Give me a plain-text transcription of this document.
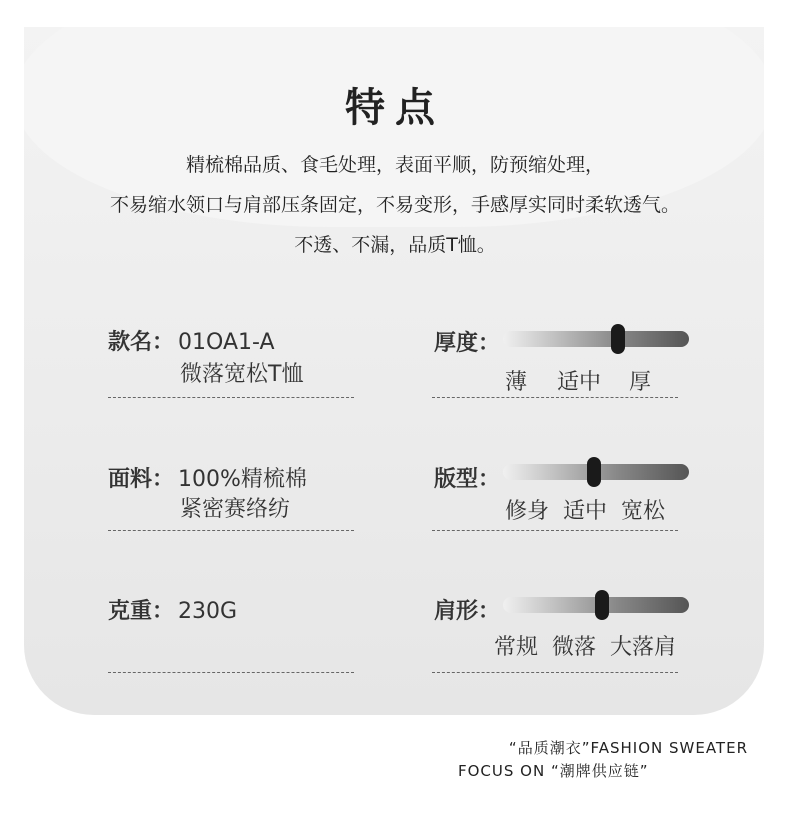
特点
精梳棉品质、食毛处理，表面平顺，防预缩处理，
不易缩水领口与肩部压条固定，不易变形，手感厚实同时柔软透气。
不透、不漏，品质T恤。
款名： 01OA1-A
微落宽松T恤
面料： 100%精梳棉
紧密赛络纺
克重： 230G
厚度：
薄 适中 厚
版型：
修身 适中 宽松
肩形：
常规 微落 大落肩
“品质潮衣”FASHION SWEATER
FOCUS ON “潮牌供应链”
